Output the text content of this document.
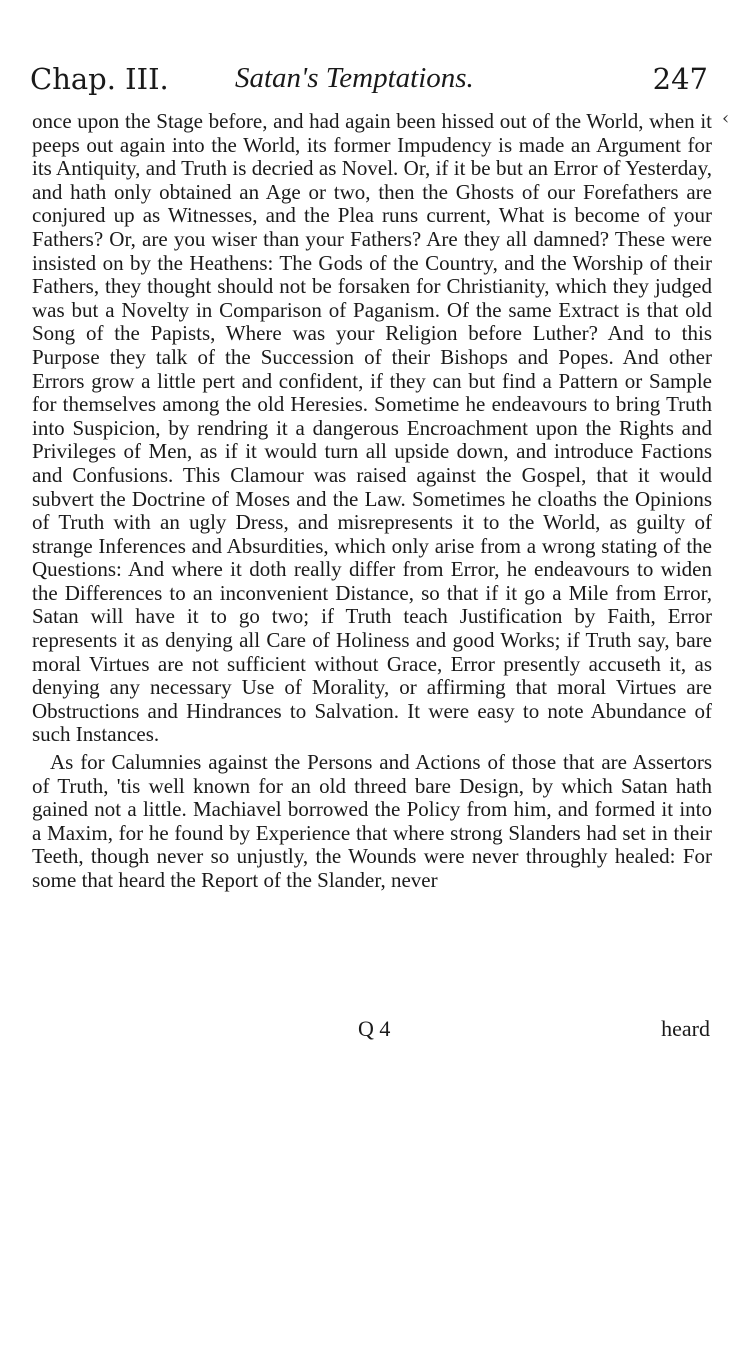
Chap. III. Satan's Temptations.	247
‹

once upon the Stage before, and had again been hissed out of the World, when it peeps out again into the World, its former Impudency is made an Argument for its Antiquity, and Truth is decried as Novel. Or, if it be but an Error of Yesterday, and hath only obtained an Age or two, then the Ghosts of our Forefathers are conjured up as Witnesses, and the Plea runs current, What is become of your Fathers? Or, are you wiser than your Fathers? Are they all damned? These were insisted on by the Heathens: The Gods of the Country, and the Worship of their Fathers, they thought should not be forsaken for Christianity, which they judged was but a Novelty in Comparison of Paganism. Of the same Extract is that old Song of the Papists, Where was your Religion before Luther? And to this Purpose they talk of the Succession of their Bishops and Popes. And other Errors grow a little pert and confident, if they can but find a Pattern or Sample for themselves among the old Heresies. Sometime he endeavours to bring Truth into Suspicion, by rendring it a dangerous Encroachment upon the Rights and Privileges of Men, as if it would turn all upside down, and introduce Factions and Confusions. This Clamour was raised against the Gospel, that it would subvert the Doctrine of Moses and the Law. Sometimes he cloaths the Opinions of Truth with an ugly Dress, and misrepresents it to the World, as guilty of strange Inferences and Absurdities, which only arise from a wrong stating of the Questions: And where it doth really differ from Error, he endeavours to widen the Differences to an inconvenient Distance, so that if it go a Mile from Error, Satan will have it to go two; if Truth teach Justification by Faith, Error represents it as denying all Care of Holiness and good Works; if Truth say, bare moral Virtues are not sufficient without Grace, Error presently accuseth it, as denying any necessary Use of Morality, or affirming that moral Virtues are Obstructions and Hindrances to Salvation. It were easy to note Abundance of such Instances.

As for Calumnies against the Persons and Actions of those that are Assertors of Truth, 'tis well known for an old threed bare Design, by which Satan hath gained not a little. Machiavel borrowed the Policy from him, and formed it into a Maxim, for he found by Experience that where strong Slanders had set in their Teeth, though never so unjustly, the Wounds were never throughly healed: For some that heard the Report of the Slander, never

Q 4	heard
